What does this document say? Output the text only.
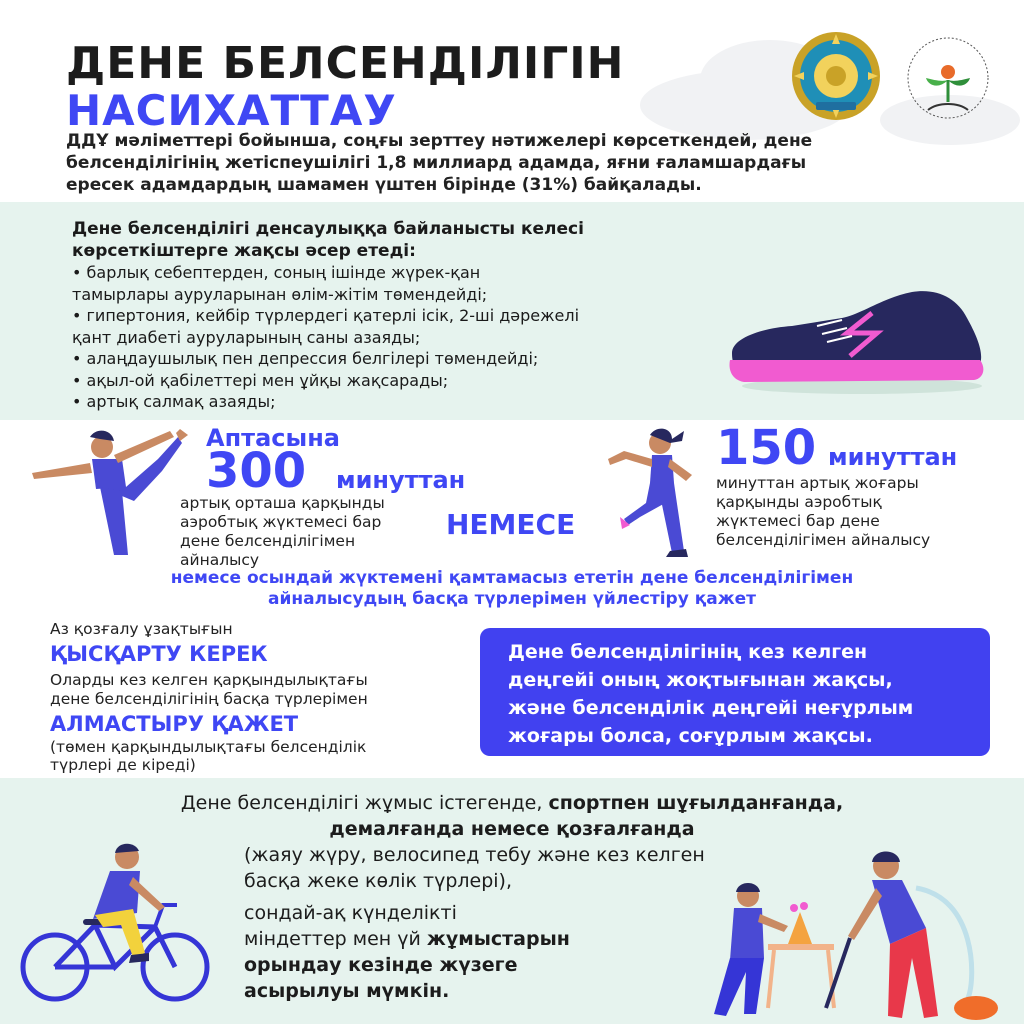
ДЕНЕ БЕЛСЕНДІЛІГІН
НАСИХАТТАУ
ДДҰ мәліметтері бойынша, соңғы зерттеу нәтижелері көрсеткендей, дене
белсенділігінің жетіспеушілігі 1,8 миллиард адамда, яғни ғаламшардағы
ересек адамдардың шамамен үштен бірінде (31%) байқалады.
Дене белсенділігі денсаулыққа байланысты келесі
көрсеткіштерге жақсы әсер етеді:
• барлық себептерден, соның ішінде жүрек-қан
тамырлары ауруларынан өлім-жітім төмендейді;
• гипертония, кейбір түрлердегі қатерлі ісік, 2-ші дәрежелі
қант диабеті ауруларының саны азаяды;
• алаңдаушылық пен депрессия белгілері төмендейді;
• ақыл-ой қабілеттері мен ұйқы жақсарады;
• артық салмақ азаяды;
Аптасына
300 минуттан
артық орташа қарқынды
аэробтық жүктемесі бар
дене белсенділігімен
айналысу
НЕМЕСЕ
150 минуттан
минуттан артық жоғары
қарқынды аэробтық
жүктемесі бар дене
белсенділігімен айналысу
немесе осындай жүктемені қамтамасыз ететін дене белсенділігімен
айналысудың басқа түрлерімен үйлестіру қажет
Аз қозғалу ұзақтығын
ҚЫСҚАРТУ КЕРЕК
Оларды кез келген қарқындылықтағы
дене белсенділігінің басқа түрлерімен
АЛМАСТЫРУ ҚАЖЕТ
(төмен қарқындылықтағы белсенділік
түрлері де кіреді)
Дене белсенділігінің кез келген
деңгейі оның жоқтығынан жақсы,
және белсенділік деңгейі неғұрлым
жоғары болса, соғұрлым жақсы.
Дене белсенділігі жұмыс істегенде, спортпен шұғылданғанда,
демалғанда немесе қозғалғанда
(жаяу жүру, велосипед тебу және кез келген
басқа жеке көлік түрлері),
сондай-ақ күнделікті
міндеттер мен үй жұмыстарын
орындау кезінде жүзеге
асырылуы мүмкін.
